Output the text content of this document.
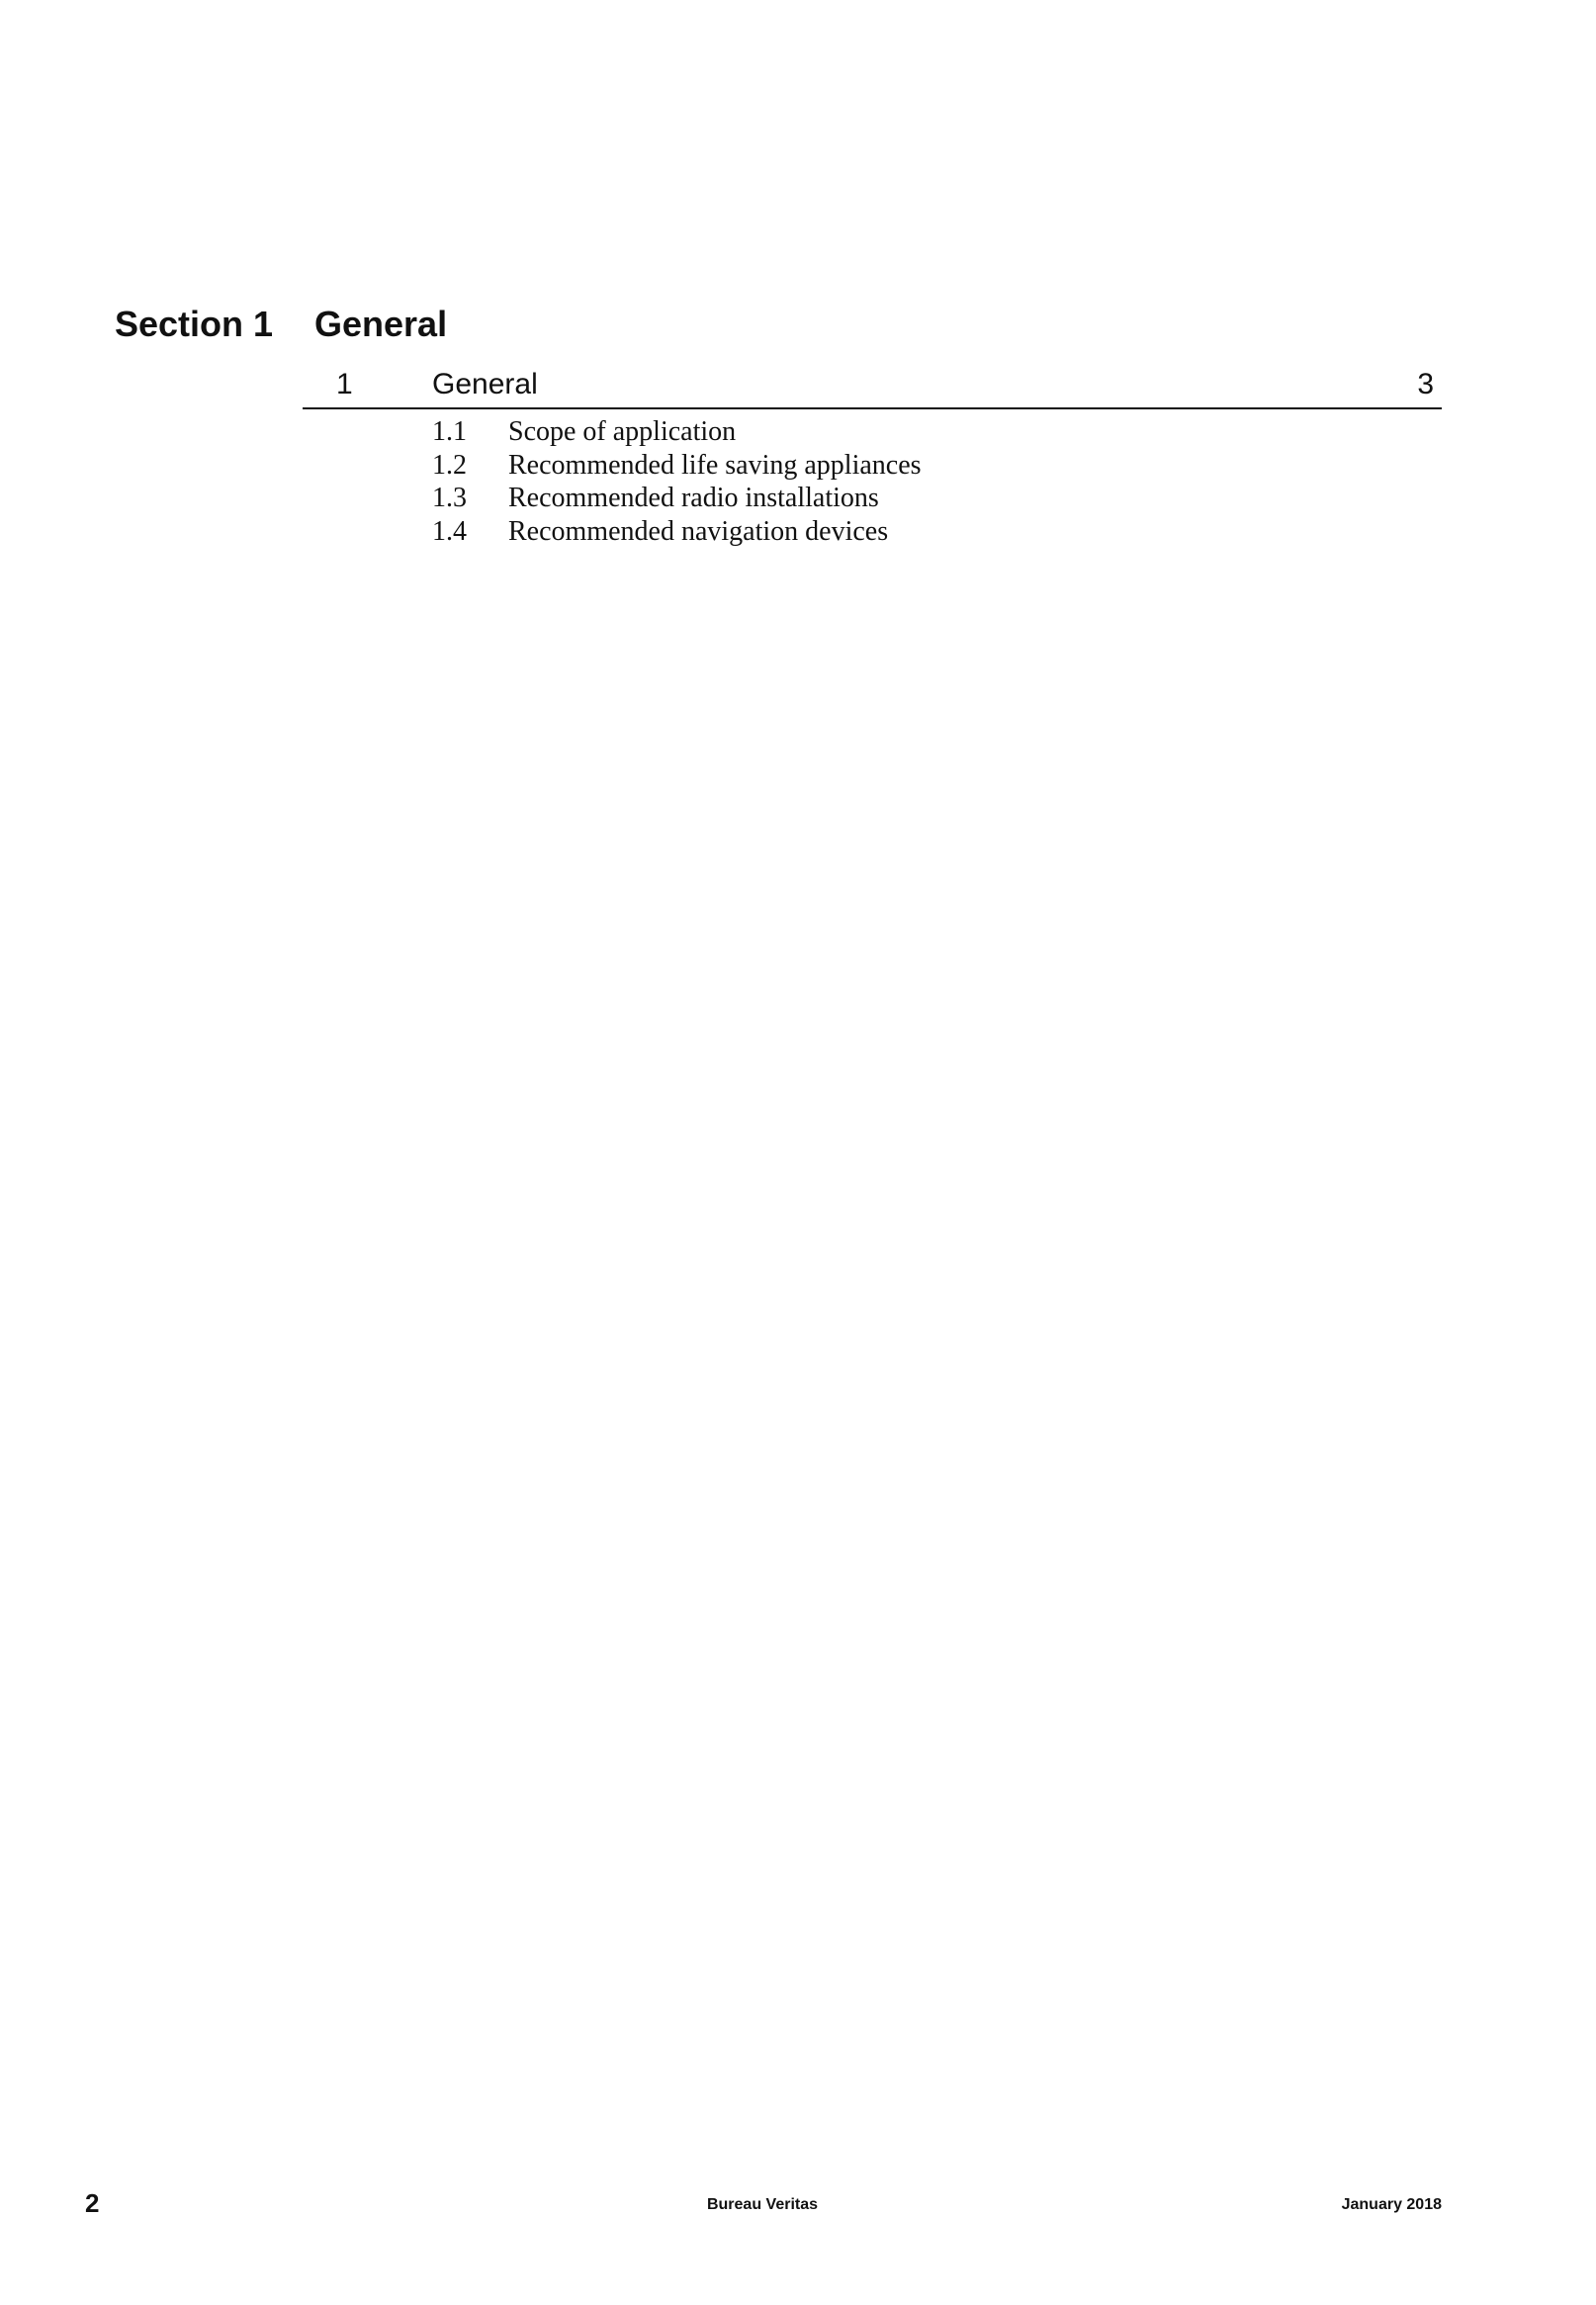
Section 1 General
1	General	3
1.1 Scope of application
1.2 Recommended life saving appliances
1.3 Recommended radio installations
1.4 Recommended navigation devices
2	Bureau Veritas	January 2018
